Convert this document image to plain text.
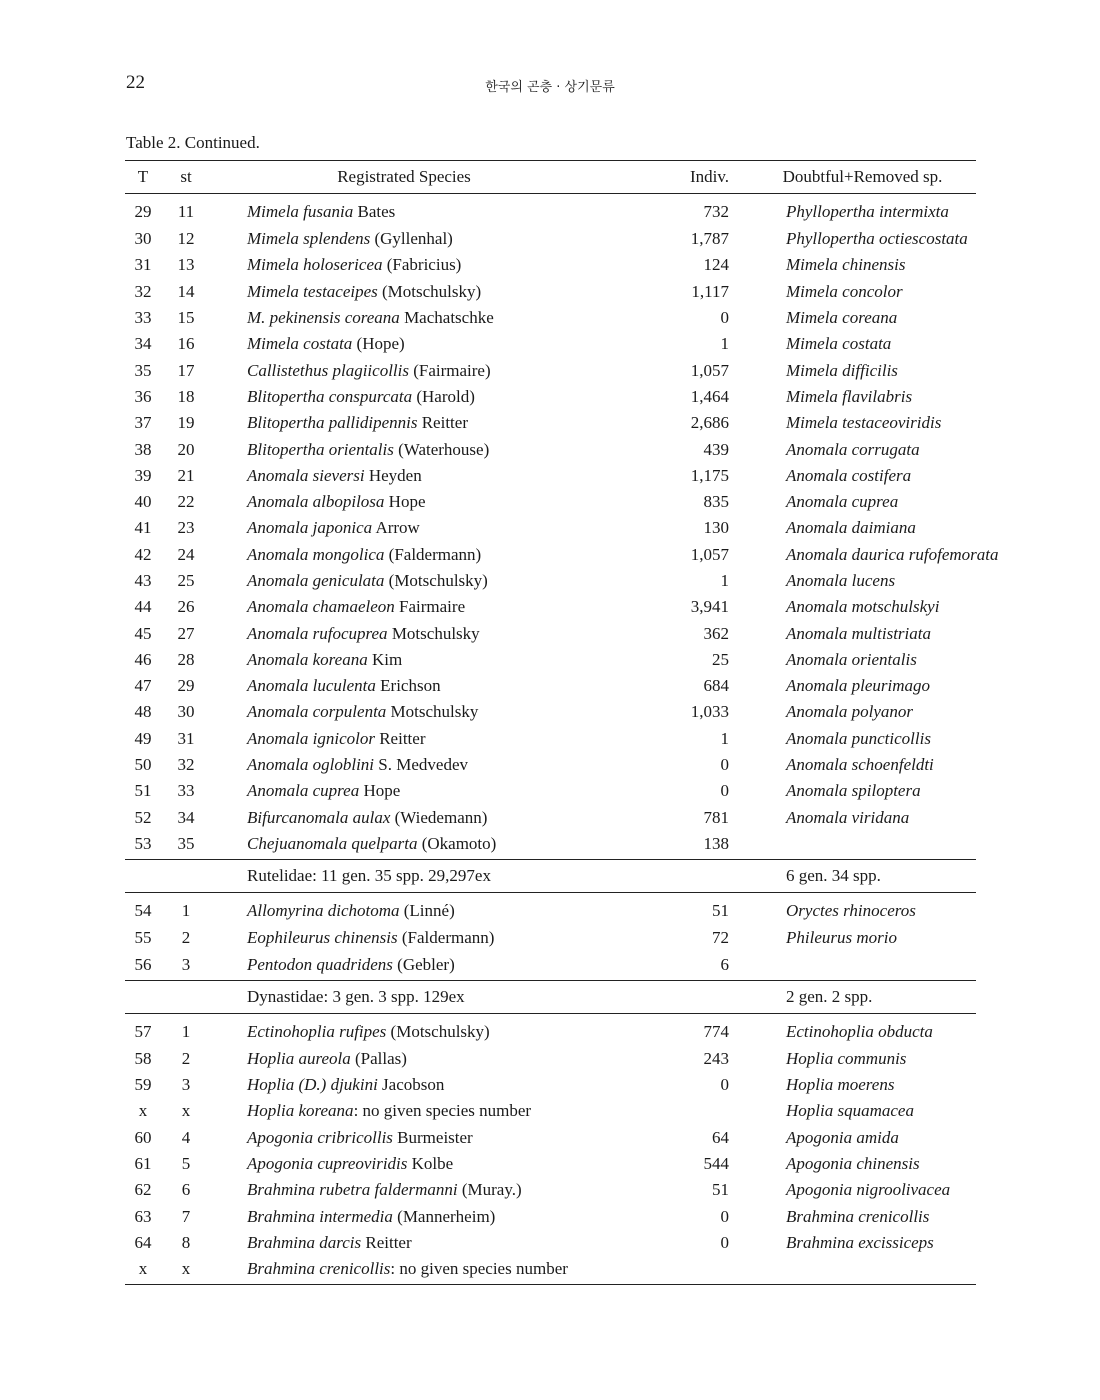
22	한국의 곤충 · 상기문류
Table 2. Continued.
T	st	Registrated Species	Indiv.	Doubtful+Removed sp.
29	11	Mimela fusania Bates	732	Phyllopertha intermixta
30	12	Mimela splendens (Gyllenhal)	1,787	Phyllopertha octiescostata
31	13	Mimela holosericea (Fabricius)	124	Mimela chinensis
32	14	Mimela testaceipes (Motschulsky)	1,117	Mimela concolor
33	15	M. pekinensis coreana Machatschke	0	Mimela coreana
34	16	Mimela costata (Hope)	1	Mimela costata
35	17	Callistethus plagiicollis (Fairmaire)	1,057	Mimela difficilis
36	18	Blitopertha conspurcata (Harold)	1,464	Mimela flavilabris
37	19	Blitopertha pallidipennis Reitter	2,686	Mimela testaceoviridis
38	20	Blitopertha orientalis (Waterhouse)	439	Anomala corrugata
39	21	Anomala sieversi Heyden	1,175	Anomala costifera
40	22	Anomala albopilosa Hope	835	Anomala cuprea
41	23	Anomala japonica Arrow	130	Anomala daimiana
42	24	Anomala mongolica (Faldermann)	1,057	Anomala daurica rufofemorata
43	25	Anomala geniculata (Motschulsky)	1	Anomala lucens
44	26	Anomala chamaeleon Fairmaire	3,941	Anomala motschulskyi
45	27	Anomala rufocuprea Motschulsky	362	Anomala multistriata
46	28	Anomala koreana Kim	25	Anomala orientalis
47	29	Anomala luculenta Erichson	684	Anomala pleurimago
48	30	Anomala corpulenta Motschulsky	1,033	Anomala polyanor
49	31	Anomala ignicolor Reitter	1	Anomala puncticollis
50	32	Anomala ogloblini S. Medvedev	0	Anomala schoenfeldti
51	33	Anomala cuprea Hope	0	Anomala spiloptera
52	34	Bifurcanomala aulax (Wiedemann)	781	Anomala viridana
53	35	Chejuanomala quelparta (Okamoto)	138	
		Rutelidae: 11 gen. 35 spp. 29,297ex		6 gen. 34 spp.
54	1	Allomyrina dichotoma (Linné)	51	Oryctes rhinoceros
55	2	Eophileurus chinensis (Faldermann)	72	Phileurus morio
56	3	Pentodon quadridens (Gebler)	6	
		Dynastidae: 3 gen. 3 spp. 129ex		2 gen. 2 spp.
57	1	Ectinohoplia rufipes (Motschulsky)	774	Ectinohoplia obducta
58	2	Hoplia aureola (Pallas)	243	Hoplia communis
59	3	Hoplia (D.) djukini Jacobson	0	Hoplia moerens
x	x	Hoplia koreana: no given species number		Hoplia squamacea
60	4	Apogonia cribricollis Burmeister	64	Apogonia amida
61	5	Apogonia cupreoviridis Kolbe	544	Apogonia chinensis
62	6	Brahmina rubetra faldermanni (Muray.)	51	Apogonia nigroolivacea
63	7	Brahmina intermedia (Mannerheim)	0	Brahmina crenicollis
64	8	Brahmina darcis Reitter	0	Brahmina excissiceps
x	x	Brahmina crenicollis: no given species number		
